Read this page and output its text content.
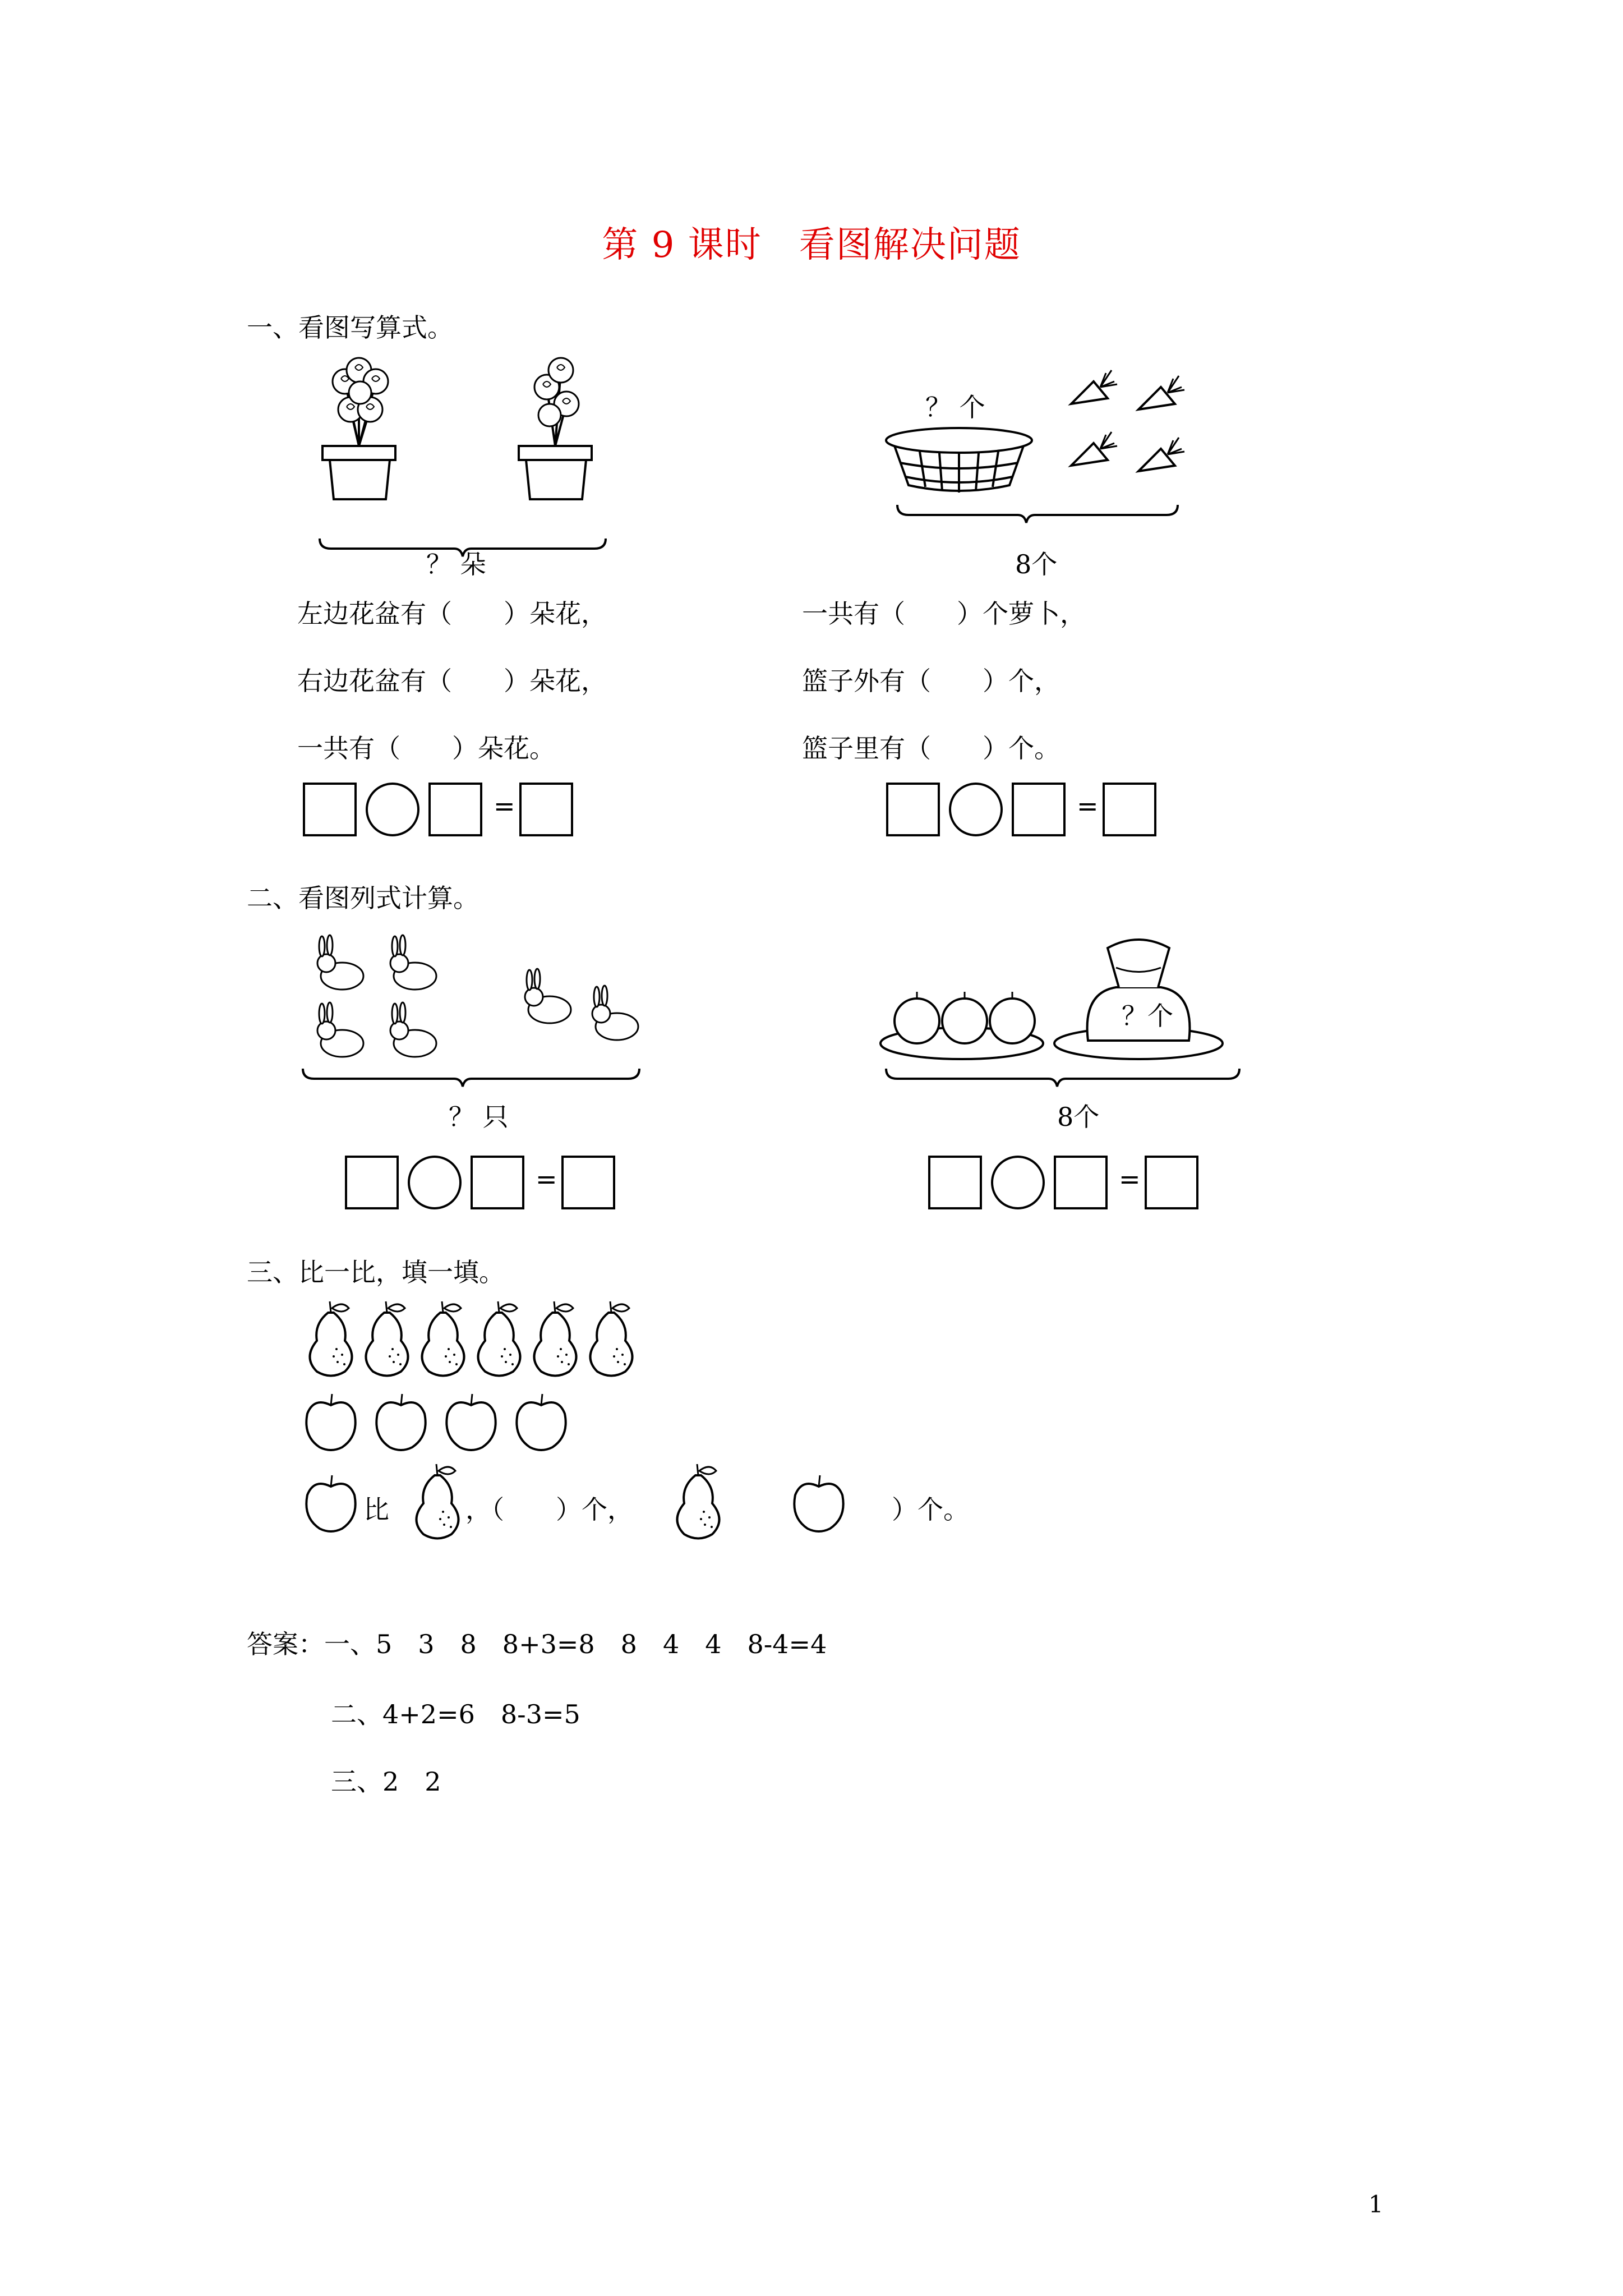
第 9 课时　看图解决问题
一、看图写算式。
？ 朵
？ 个
8个
左边花盆有（　　）朵花，
右边花盆有（　　）朵花，
一共有（　　）朵花。
一共有（　　）个萝卜，
篮子外有（　　）个，
篮子里有（　　）个。
=	=
二、看图列式计算。
？ 只
？个
8个
=	=
三、比一比，填一填。
比	，（　　）个，	）个。
答案： 一、5　3　8　8+3=8　8　4　4　8-4=4
二、4+2=6　8-3=5
三、2　2
1
